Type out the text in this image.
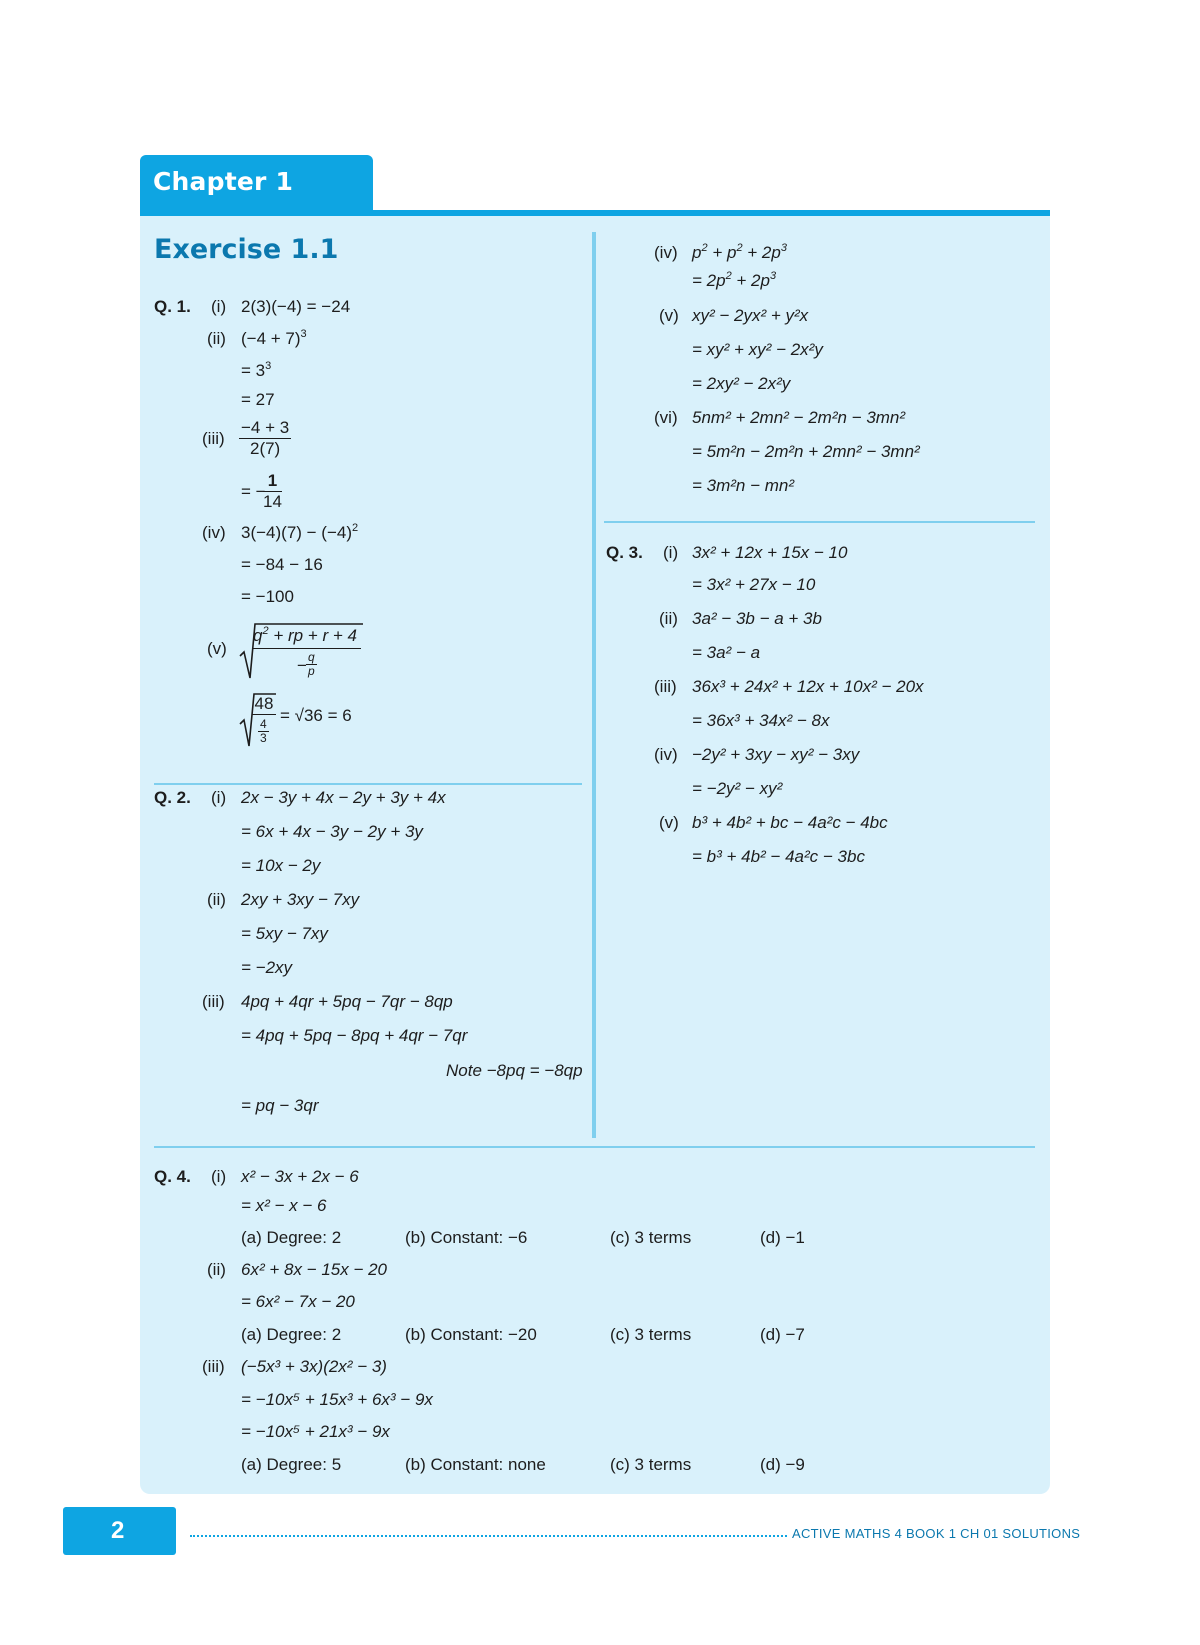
Chapter 1
Exercise 1.1
Q. 1. (i) 2(3)(−4) = −24
(ii) $(-4 + 7)^3$
= $3^3$
= 27
$(iii) \frac{-4 + 3}{2(7)}$
= −
$\frac{1}{14}$
(iv) $3(-4)(7) - (-4)^2$
= −84 − 16
= −100
(v)
$q^2$ + rp + r + 4
− $\frac{q}{p}$
48
$\frac{4}{3}$
= √36 = 6
Q. 2. (i) 2x − 3y + 4x − 2y + 3y + 4x
= 6x + 4x − 3y − 2y + 3y
= 10x − 2y
(ii) 2xy + 3xy − 7xy
= 5xy − 7xy
= −2xy
(iii) 4pq + 4qr + 5pq − 7qr − 8qp
= 4pq + 5pq − 8pq + 4qr − 7qr
Note −8pq = −8qp
= pq − 3qr
(iv) $p^2 + p^2 + 2p^3$
= $2p^2 + 2p^3$
(v) xy² − 2yx² + y²x
= xy² + xy² − 2x²y
= 2xy² − 2x²y
(vi) 5nm² + 2mn² − 2m²n − 3mn²
= 5m²n − 2m²n + 2mn² − 3mn²
= 3m²n − mn²
Q. 3. (i) 3x² + 12x + 15x − 10
= 3x² + 27x − 10
(ii) 3a² − 3b − a + 3b
= 3a² − a
(iii) 36x³ + 24x² + 12x + 10x² − 20x
= 36x³ + 34x² − 8x
(iv) −2y² + 3xy − xy² − 3xy
= −2y² − xy²
(v) b³ + 4b² + bc − 4a²c − 4bc
= b³ + 4b² − 4a²c − 3bc
Q. 4. (i) x² − 3x + 2x − 6
= x² − x − 6
(a) Degree: 2	(b) Constant: −6	(c) 3 terms	(d) −1
(ii) 6x² + 8x − 15x − 20
= 6x² − 7x − 20
(a) Degree: 2	(b) Constant: −20	(c) 3 terms	(d) −7
(iii) (−5x³ + 3x)(2x² − 3)
= −10x⁵ + 15x³ + 6x³ − 9x
= −10x⁵ + 21x³ − 9x
(a) Degree: 5	(b) Constant: none	(c) 3 terms	(d) −9
2	ACTIVE MATHS 4 BOOK 1 CH 01 SOLUTIONS
